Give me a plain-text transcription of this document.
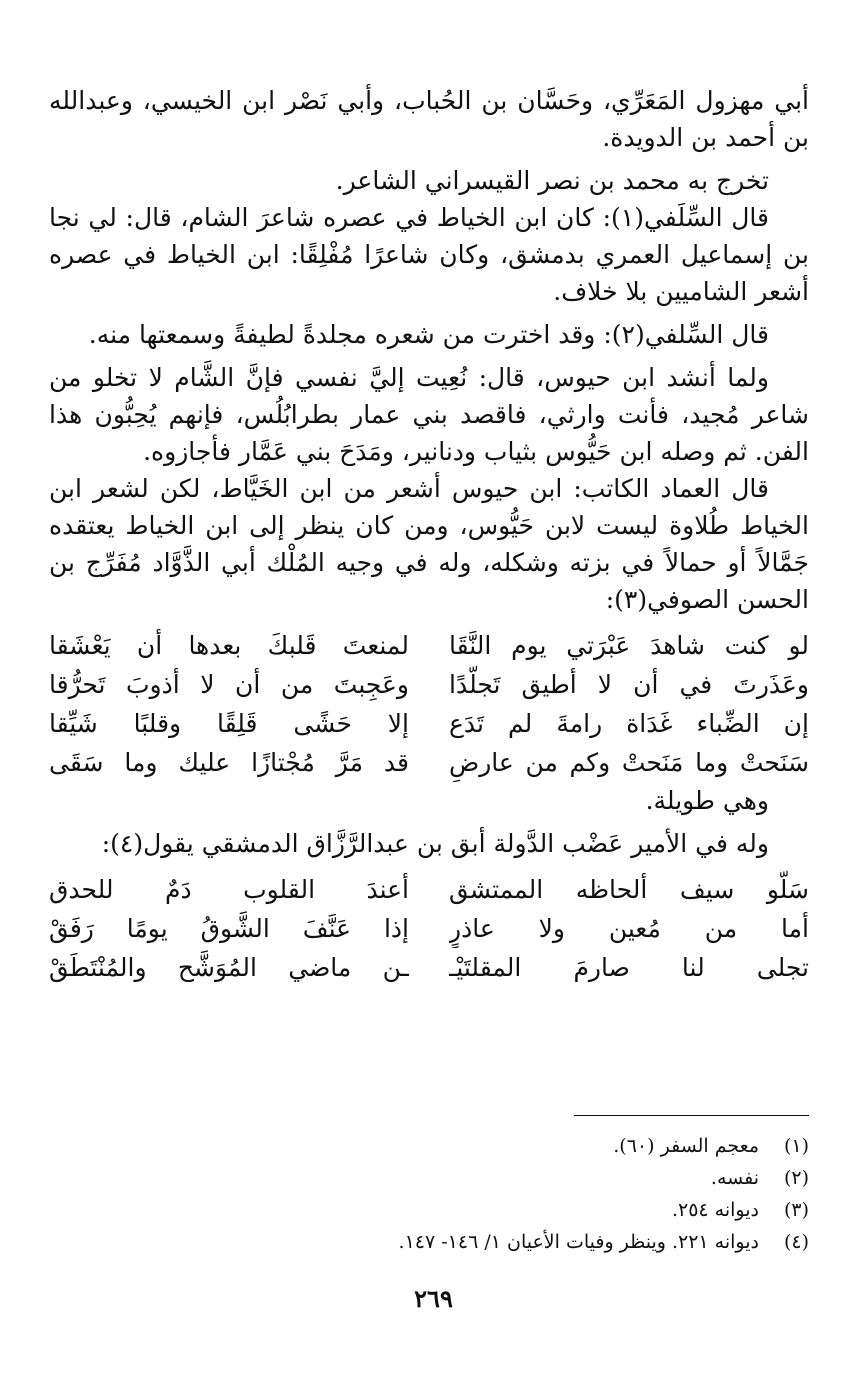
أبي مهزول المَعَرِّي، وحَسَّان بن الحُباب، وأبي نَصْر ابن الخيسي، وعبدالله بن أحمد بن الدويدة.

تخرج به محمد بن نصر القيسراني الشاعر.

قال السِّلَفي(١): كان ابن الخياط في عصره شاعرَ الشام، قال: لي نجا بن إسماعيل العمري بدمشق، وكان شاعرًا مُفْلِقًا: ابن الخياط في عصره أشعر الشاميين بلا خلاف.

قال السِّلفي(٢): وقد اخترت من شعره مجلدةً لطيفةً وسمعتها منه.

ولما أنشد ابن حيوس، قال: نُعِيت إليَّ نفسي فإنَّ الشَّام لا تخلو من شاعر مُجيد، فأنت وارثي، فاقصد بني عمار بطرابُلُس، فإنهم يُحِبُّون هذا الفن. ثم وصله ابن حَيُّوس بثياب ودنانير، ومَدَحَ بني عَمَّار فأجازوه.

قال العماد الكاتب: ابن حيوس أشعر من ابن الخَيَّاط، لكن لشعر ابن الخياط طُلاوة ليست لابن حَيُّوس، ومن كان ينظر إلى ابن الخياط يعتقده جَمَّالاً أو حمالاً في بزته وشكله، وله في وجيه المُلْك أبي الذَّوَّاد مُفَرِّج بن الحسن الصوفي(٣):

لو كنت شاهدَ عَبْرَتي يوم النَّقَا
لمنعتَ قَلبكَ بعدها أن يَعْشَقا
وعَذَرتَ في أن لا أطيق تَجلُّدًا
وعَجِبتَ من أن لا أذوبَ تَحرُّقا
إن الضِّباء غَدَاة رامةَ لم تَدَع
إلا حَشًى قَلِقًا وقلبًا شَيِّقا
سَنَحتْ وما مَنَحتْ وكم من عارضٍ
قد مَرَّ مُجْتازًا عليك وما سَقَى

وهي طويلة.

وله في الأمير عَضْب الدَّولة أبق بن عبدالرَّزَّاق الدمشقي يقول(٤):

سَلُّو سيف ألحاظه الممتشق
أعندَ القلوب دَمٌ للحدق
أما من مُعين ولا عاذرٍ
إذا عَنَّفَ الشَّوقُ يومًا رَفَقْ
تجلى لنا صارمَ المقلتَيْـ
ـن ماضي المُوَشَّح والمُنْتَطَقْ
(١)
معجم السفر (٦٠).
(٢)
نفسه.
(٣)
ديوانه ٢٥٤.
(٤)
ديوانه ٢٢١. وينظر وفيات الأعيان ١/ ١٤٦- ١٤٧.
٢٦٩
